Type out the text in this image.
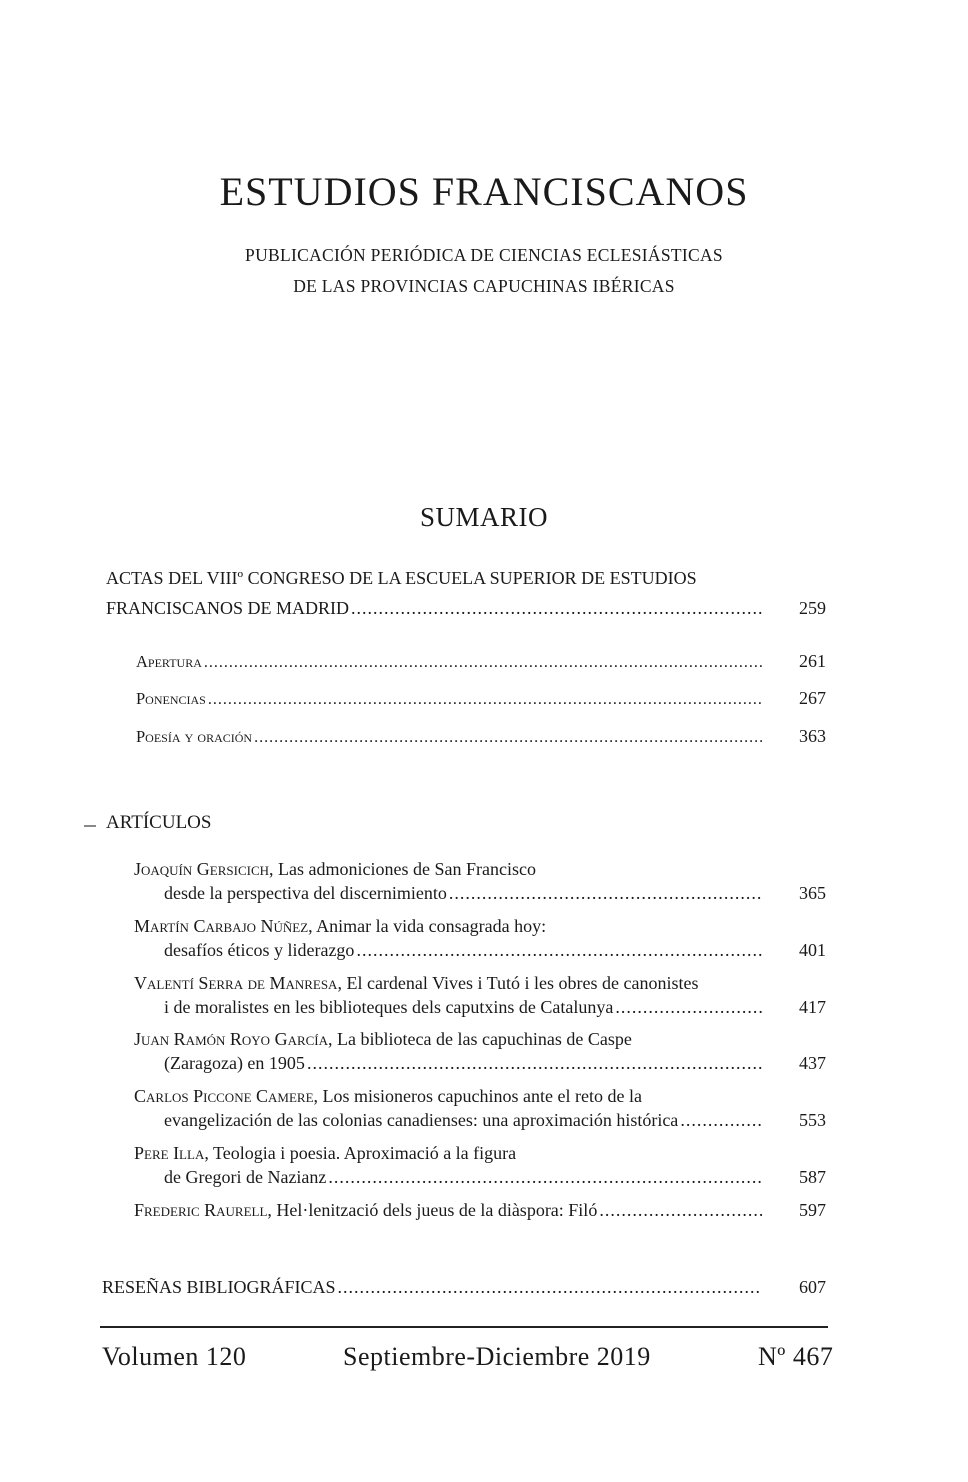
ESTUDIOS FRANCISCANOS
PUBLICACIÓN PERIÓDICA DE CIENCIAS ECLESIÁSTICAS
DE LAS PROVINCIAS CAPUCHINAS IBÉRICAS
SUMARIO
ACTAS DEL VIIIº CONGRESO DE LA ESCUELA SUPERIOR DE ESTUDIOS
FRANCISCANOS DE MADRID .....	259
Apertura .....	261
Ponencias .....	267
Poesía y oración .....	363
ARTÍCULOS
Joaquín Gersicich, Las admoniciones de San Francisco
desde la perspectiva del discernimiento .....	365
Martín Carbajo Núñez, Animar la vida consagrada hoy:
desafíos éticos y liderazgo .....	401
Valentí Serra de Manresa, El cardenal Vives i Tutó i les obres de canonistes
i de moralistes en les biblioteques dels caputxins de Catalunya .....	417
Juan Ramón Royo García, La biblioteca de las capuchinas de Caspe
(Zaragoza) en 1905 .....	437
Carlos Piccone Camere, Los misioneros capuchinos ante el reto de la
evangelización de las colonias canadienses: una aproximación histórica .....	553
Pere Illa, Teologia i poesia. Aproximació a la figura
de Gregori de Nazianz .....	587
Frederic Raurell , Hel·lenització dels jueus de la diàspora: Filó .....	597
RESEÑAS BIBLIOGRÁFICAS .....	607
Volumen 120	Septiembre-Diciembre 2019	Nº 467
